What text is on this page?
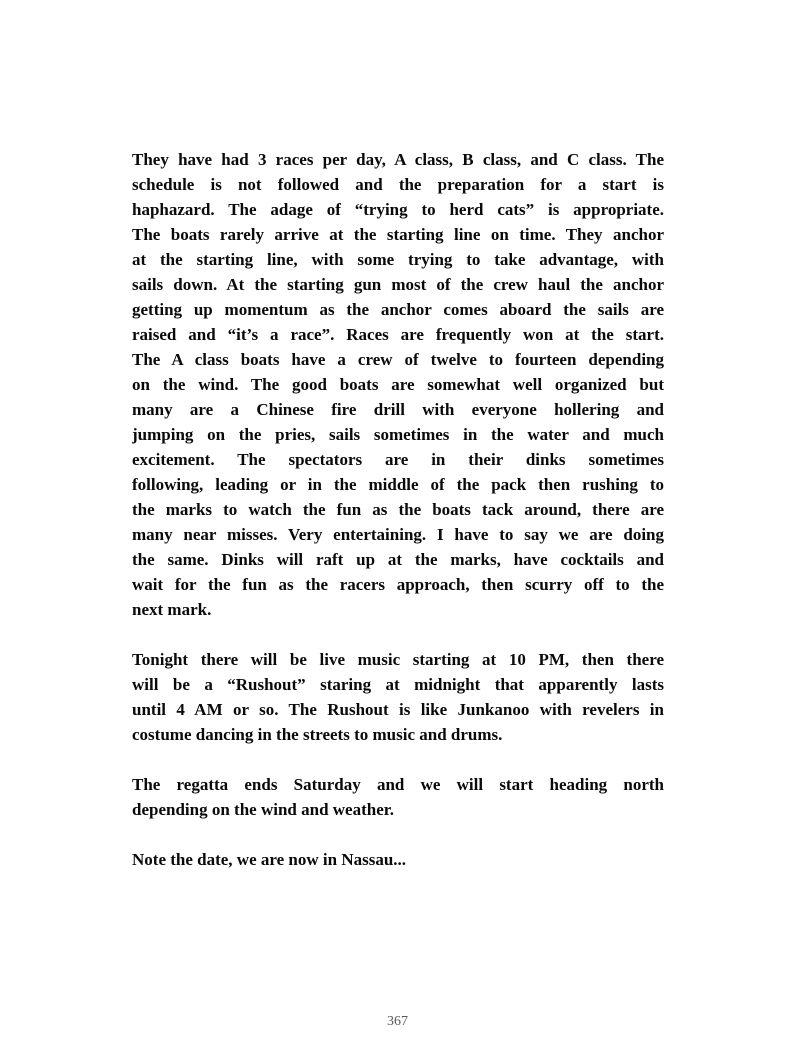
They have had 3 races per day, A class, B class, and C class. The
schedule is not followed and the preparation for a start is
haphazard. The adage of “trying to herd cats” is appropriate.
The boats rarely arrive at the starting line on time. They anchor
at the starting line, with some trying to take advantage, with
sails down. At the starting gun most of the crew haul the anchor
getting up momentum as the anchor comes aboard the sails are
raised and “it’s a race”. Races are frequently won at the start.
The A class boats have a crew of twelve to fourteen depending
on the wind. The good boats are somewhat well organized but
many are a Chinese fire drill with everyone hollering and
jumping on the pries, sails sometimes in the water and much
excitement. The spectators are in their dinks sometimes
following, leading or in the middle of the pack then rushing to
the marks to watch the fun as the boats tack around, there are
many near misses. Very entertaining. I have to say we are doing
the same. Dinks will raft up at the marks, have cocktails and
wait for the fun as the racers approach, then scurry off to the
next mark.
Tonight there will be live music starting at 10 PM, then there
will be a “Rushout” staring at midnight that apparently lasts
until 4 AM or so. The Rushout is like Junkanoo with revelers in
costume dancing in the streets to music and drums.
The regatta ends Saturday and we will start heading north
depending on the wind and weather.
Note the date, we are now in Nassau...
367
